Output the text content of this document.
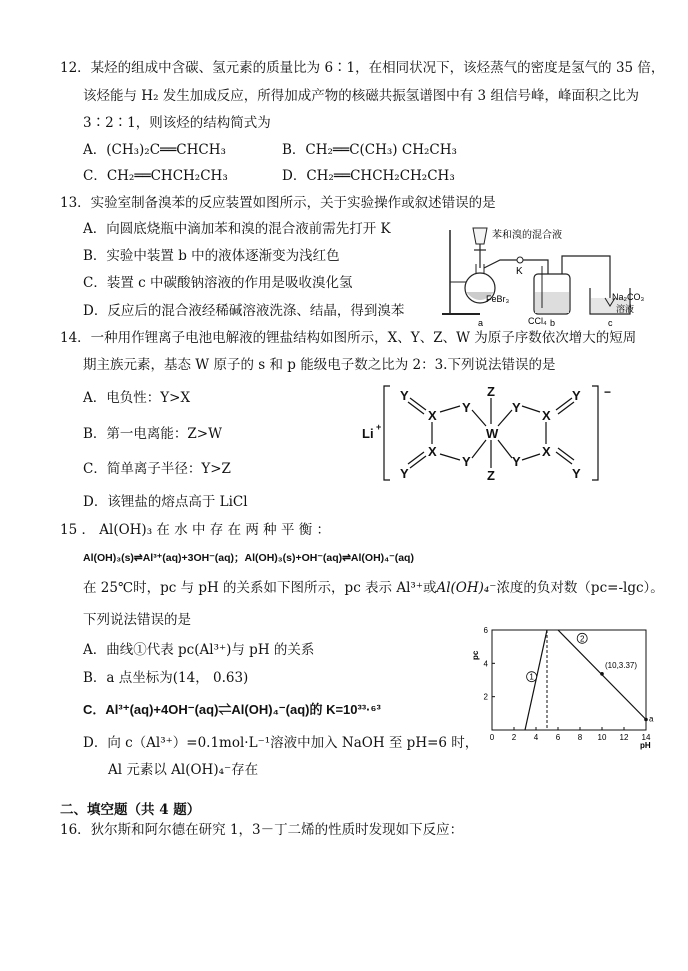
12．某烃的组成中含碳、氢元素的质量比为 6∶1，在相同状况下，该烃蒸气的密度是氢气的 35 倍，
该烃能与 H₂ 发生加成反应，所得加成产物的核磁共振氢谱图中有 3 组信号峰，峰面积之比为
3∶2∶1，则该烃的结构简式为
A．(CH₃)₂C══CHCH₃	B．CH₂══C(CH₃) CH₂CH₃
C．CH₂══CHCH₂CH₃	D．CH₂══CHCH₂CH₂CH₃
13．实验室制备溴苯的反应装置如图所示，关于实验操作或叙述错误的是
A．向圆底烧瓶中滴加苯和溴的混合液前需先打开 K
B．实验中装置 b 中的液体逐渐变为浅红色
C．装置 c 中碳酸钠溶液的作用是吸收溴化氢
D．反应后的混合液经稀碱溶液洗涤、结晶，得到溴苯
苯和溴的混合液
K
FeBr₃
CCl₄
Na₂CO₃
溶液
a	b	c
14．一种用作锂离子电池电解液的锂盐结构如图所示，X、Y、Z、W 为原子序数依次增大的短周
期主族元素，基态 W 原子的 s 和 p 能级电子数之比为 2：3.下列说法错误的是
A．电负性：Y>X
B．第一电离能：Z>W
C．简单离子半径：Y>Z
D．该锂盐的熔点高于 LiCl
Li +
Y
X
Y
X
Y
Y
W
Z
Z
Y
X
Y
Y
X
Y
−
15 ． Al(OH)₃ 在 水 中 存 在 两 种 平 衡 ：
Al(OH)₃(s)⇌Al³⁺(aq)+3OH⁻(aq)；Al(OH)₃(s)+OH⁻(aq)⇌Al(OH)₄⁻(aq)
在 25℃时，pc 与 pH 的关系如下图所示，pc 表示 Al³⁺或Al(OH)₄⁻浓度的负对数（pc=-lgc）。
下列说法错误的是
A．曲线①代表 pc(Al³⁺)与 pH 的关系
B．a 点坐标为(14， 0.63)
C．Al³⁺(aq)+4OH⁻(aq)⇌Al(OH)₄⁻(aq)的 K=10³³·⁶³
D．向 c（Al³⁺）=0.1mol·L⁻¹溶液中加入 NaOH 至 pH=6 时，
Al 元素以 Al(OH)₄⁻存在
0 2 4 6 8 10 12 14
2
4
6
pH
pc
1
2
(10,3.37)
a
二、填空题（共 4 题）
16．狄尔斯和阿尔德在研究 1，3－丁二烯的性质时发现如下反应：
